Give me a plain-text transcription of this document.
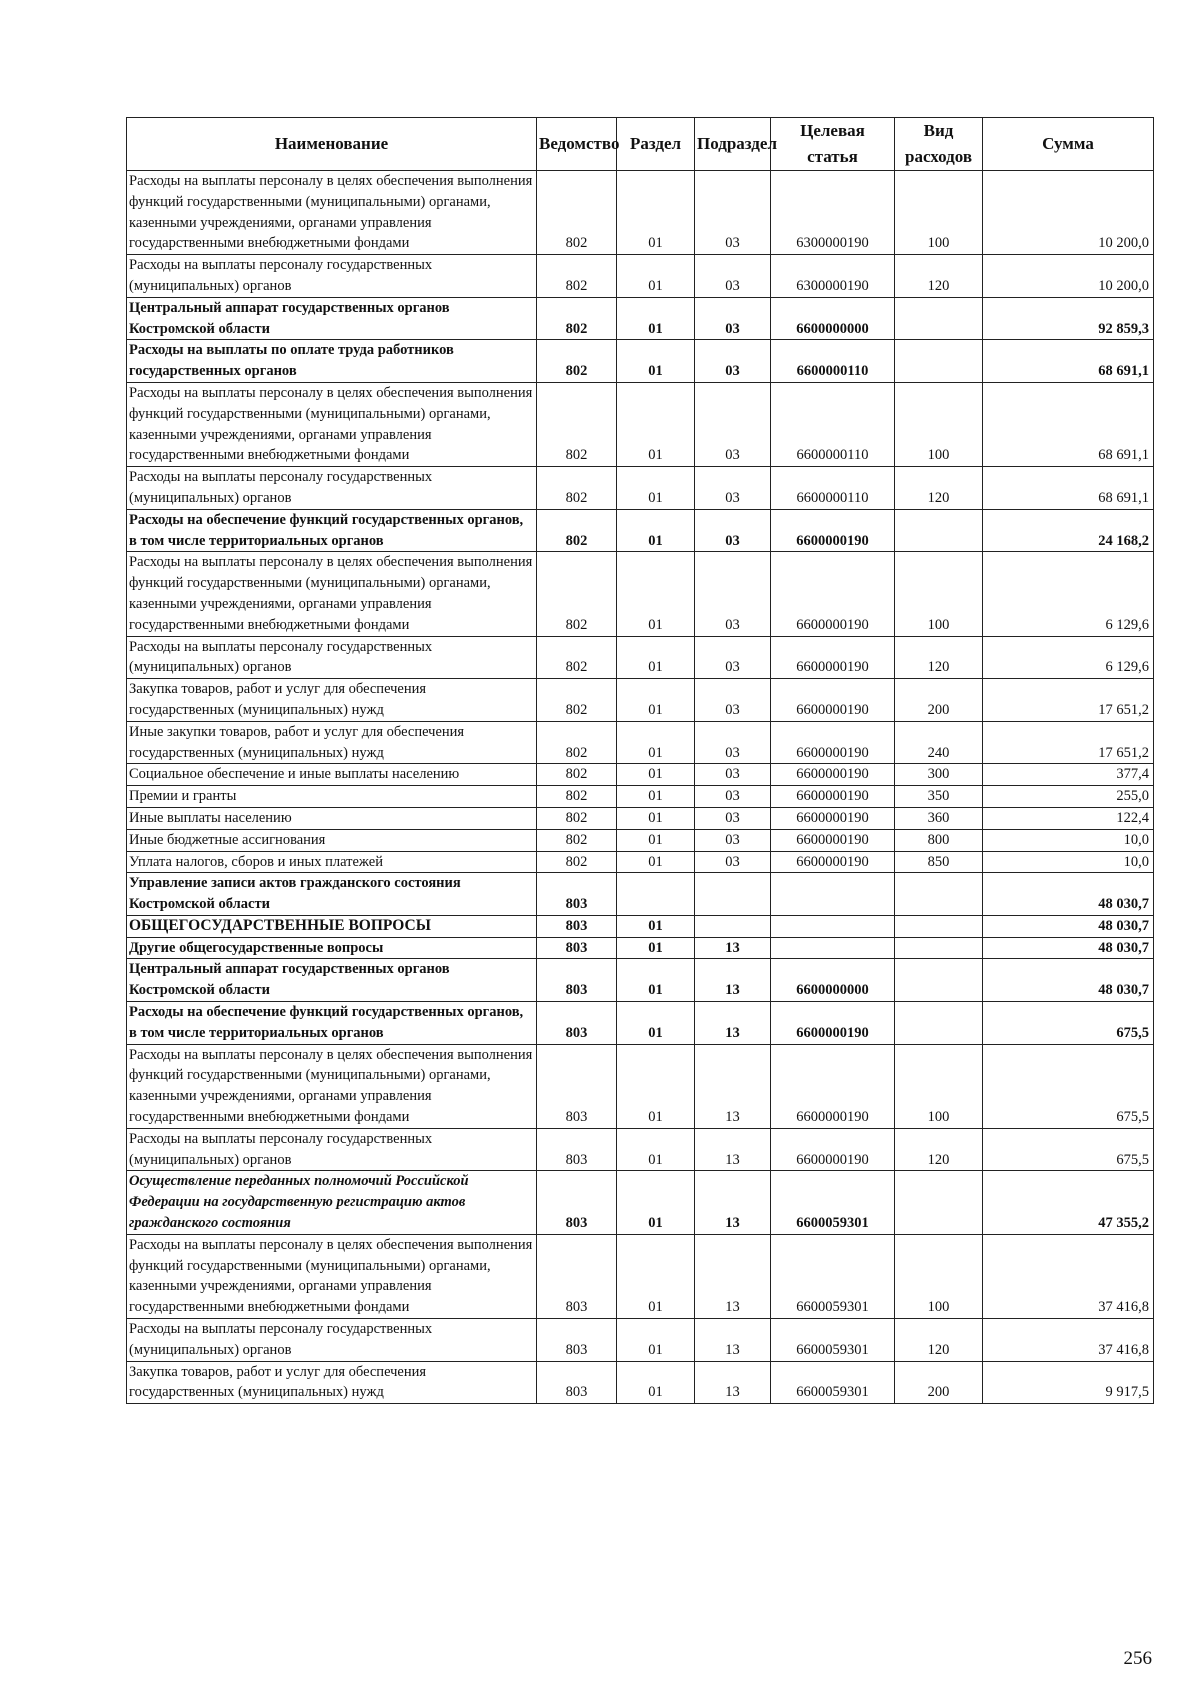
Наименование	Ведомство	Раздел	Подраздел	Целевая статья	Вид расходов	Сумма
Расходы на выплаты персоналу в целях обеспечения выполнения функций государственными (муниципальными) органами, казенными учреждениями, органами управления государственными внебюджетными фондами	802	01	03	6300000190	100	10 200,0
Расходы на выплаты персоналу государственных (муниципальных) органов	802	01	03	6300000190	120	10 200,0
Центральный аппарат государственных органов Костромской области	802	01	03	6600000000		92 859,3
Расходы на выплаты по оплате труда работников государственных органов	802	01	03	6600000110		68 691,1
Расходы на выплаты персоналу в целях обеспечения выполнения функций государственными (муниципальными) органами, казенными учреждениями, органами управления государственными внебюджетными фондами	802	01	03	6600000110	100	68 691,1
Расходы на выплаты персоналу государственных (муниципальных) органов	802	01	03	6600000110	120	68 691,1
Расходы на обеспечение функций государственных органов, в том числе территориальных органов	802	01	03	6600000190		24 168,2
Расходы на выплаты персоналу в целях обеспечения выполнения функций государственными (муниципальными) органами, казенными учреждениями, органами управления государственными внебюджетными фондами	802	01	03	6600000190	100	6 129,6
Расходы на выплаты персоналу государственных (муниципальных) органов	802	01	03	6600000190	120	6 129,6
Закупка товаров, работ и услуг для обеспечения государственных (муниципальных) нужд	802	01	03	6600000190	200	17 651,2
Иные закупки товаров, работ и услуг для обеспечения государственных (муниципальных) нужд	802	01	03	6600000190	240	17 651,2
Социальное обеспечение и иные выплаты населению	802	01	03	6600000190	300	377,4
Премии и гранты	802	01	03	6600000190	350	255,0
Иные выплаты населению	802	01	03	6600000190	360	122,4
Иные бюджетные ассигнования	802	01	03	6600000190	800	10,0
Уплата налогов, сборов и иных платежей	802	01	03	6600000190	850	10,0
Управление записи актов гражданского состояния Костромской области	803					48 030,7
ОБЩЕГОСУДАРСТВЕННЫЕ ВОПРОСЫ	803	01				48 030,7
Другие общегосударственные вопросы	803	01	13			48 030,7
Центральный аппарат государственных органов Костромской области	803	01	13	6600000000		48 030,7
Расходы на обеспечение функций государственных органов, в том числе территориальных органов	803	01	13	6600000190		675,5
Расходы на выплаты персоналу в целях обеспечения выполнения функций государственными (муниципальными) органами, казенными учреждениями, органами управления государственными внебюджетными фондами	803	01	13	6600000190	100	675,5
Расходы на выплаты персоналу государственных (муниципальных) органов	803	01	13	6600000190	120	675,5
Осуществление переданных полномочий Российской Федерации на государственную регистрацию актов гражданского состояния	803	01	13	6600059301		47 355,2
Расходы на выплаты персоналу в целях обеспечения выполнения функций государственными (муниципальными) органами, казенными учреждениями, органами управления государственными внебюджетными фондами	803	01	13	6600059301	100	37 416,8
Расходы на выплаты персоналу государственных (муниципальных) органов	803	01	13	6600059301	120	37 416,8
Закупка товаров, работ и услуг для обеспечения государственных (муниципальных) нужд	803	01	13	6600059301	200	9 917,5
256
